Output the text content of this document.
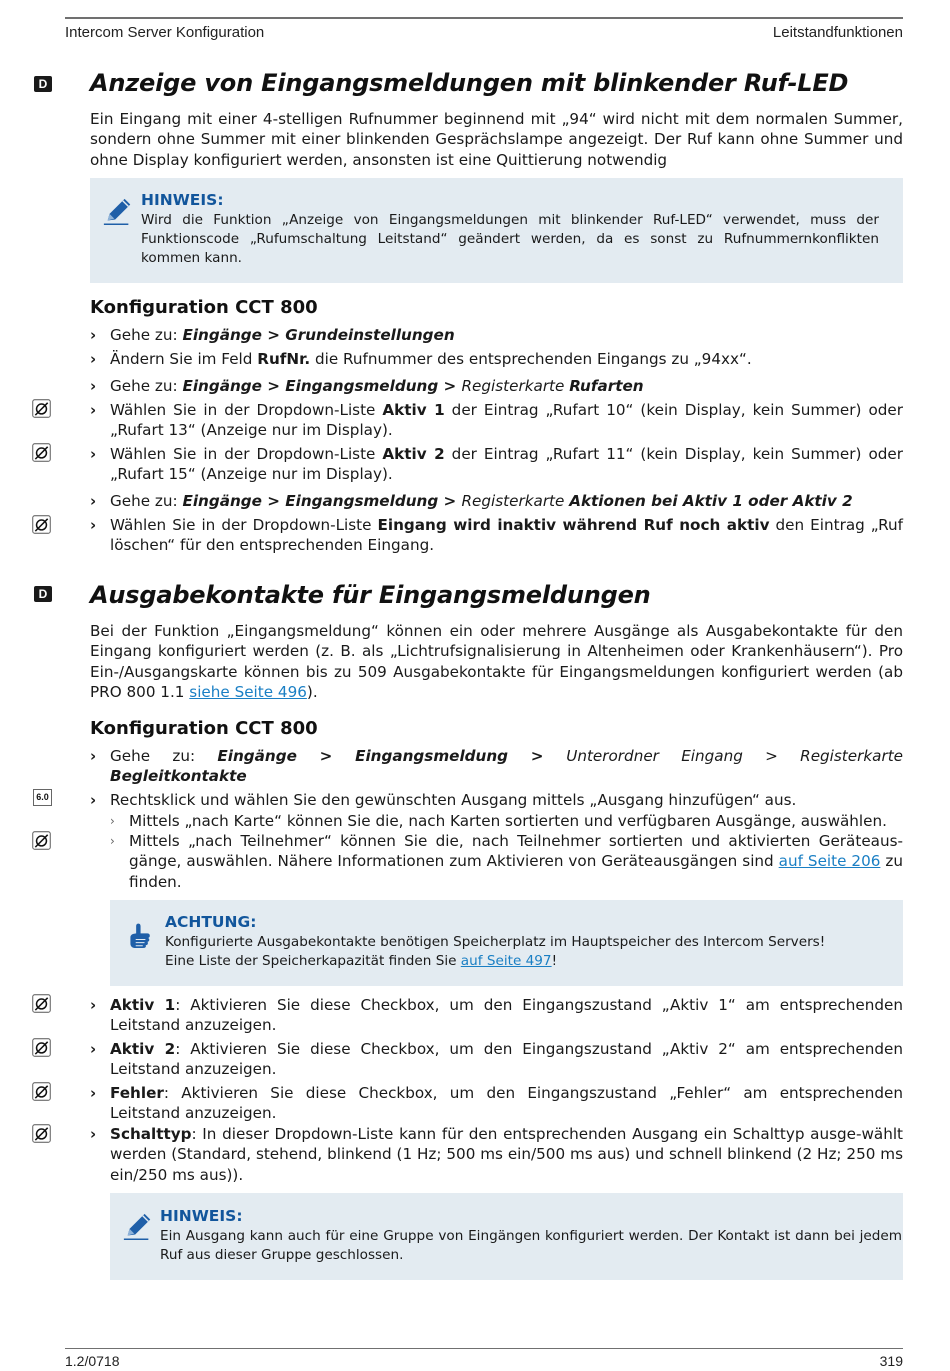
Intercom Server Konfiguration	Leitstandfunktionen
D Anzeige von Eingangsmeldungen mit blinkender Ruf-LED
Ein Eingang mit einer 4-stelligen Rufnummer beginnend mit „94“ wird nicht mit dem normalen Summer, sondern ohne Summer mit einer blinkenden Gesprächslampe angezeigt. Der Ruf kann ohne Summer und ohne Display konfiguriert werden, ansonsten ist eine Quittierung notwendig
HINWEIS:
Wird die Funktion „Anzeige von Eingangsmeldungen mit blinkender Ruf-LED“ verwendet, muss der Funktionscode „Rufumschaltung Leitstand“ geändert werden, da es sonst zu Rufnummernkonflikten kommen kann.
Konfiguration CCT 800
› Gehe zu: Eingänge > Grundeinstellungen
› Ändern Sie im Feld RufNr. die Rufnummer des entsprechenden Eingangs zu „94xx“.
› Gehe zu: Eingänge > Eingangsmeldung > Registerkarte Rufarten
› Wählen Sie in der Dropdown-Liste Aktiv 1 der Eintrag „Rufart 10“ (kein Display, kein Summer) oder „Rufart 13“ (Anzeige nur im Display).
› Wählen Sie in der Dropdown-Liste Aktiv 2 der Eintrag „Rufart 11“ (kein Display, kein Summer) oder „Rufart 15“ (Anzeige nur im Display).
› Gehe zu: Eingänge > Eingangsmeldung > Registerkarte Aktionen bei Aktiv 1 oder Aktiv 2
› Wählen Sie in der Dropdown-Liste Eingang wird inaktiv während Ruf noch aktiv den Eintrag „Ruf löschen“ für den entsprechenden Eingang.
D Ausgabekontakte für Eingangsmeldungen
Bei der Funktion „Eingangsmeldung“ können ein oder mehrere Ausgänge als Ausgabekontakte für den Eingang konfiguriert werden (z. B. als „Lichtrufsignalisierung in Altenheimen oder Krankenhäusern“). Pro Ein-/Ausgangskarte können bis zu 509 Ausgabekontakte für Eingangsmeldungen konfiguriert werden (ab PRO 800 1.1 siehe Seite 496).
Konfiguration CCT 800
› Gehe zu: Eingänge > Eingangsmeldung > Unterordner Eingang > Registerkarte
Begleitkontakte
6.0	› Rechtsklick und wählen Sie den gewünschten Ausgang mittels „Ausgang hinzufügen“ aus.
› Mittels „nach Karte“ können Sie die, nach Karten sortierten und verfügbaren Ausgänge, auswählen.
› Mittels „nach Teilnehmer“ können Sie die, nach Teilnehmer sortierten und aktivierten Geräteaus-gänge, auswählen. Nähere Informationen zum Aktivieren von Geräteausgängen sind auf Seite 206 zu finden.
ACHTUNG:
Konfigurierte Ausgabekontakte benötigen Speicherplatz im Hauptspeicher des Intercom Servers!
Eine Liste der Speicherkapazität finden Sie auf Seite 497!
› Aktiv 1: Aktivieren Sie diese Checkbox, um den Eingangszustand „Aktiv 1“ am entsprechenden Leitstand anzuzeigen.
› Aktiv 2: Aktivieren Sie diese Checkbox, um den Eingangszustand „Aktiv 2“ am entsprechenden Leitstand anzuzeigen.
› Fehler: Aktivieren Sie diese Checkbox, um den Eingangszustand „Fehler“ am entsprechenden Leitstand anzuzeigen.
› Schalttyp: In dieser Dropdown-Liste kann für den entsprechenden Ausgang ein Schalttyp ausge-wählt werden (Standard, stehend, blinkend (1 Hz; 500 ms ein/500 ms aus) und schnell blinkend (2 Hz; 250 ms ein/250 ms aus)).
HINWEIS:
Ein Ausgang kann auch für eine Gruppe von Eingängen konfiguriert werden. Der Kontakt ist dann bei jedem Ruf aus dieser Gruppe geschlossen.
1.2/0718	319
